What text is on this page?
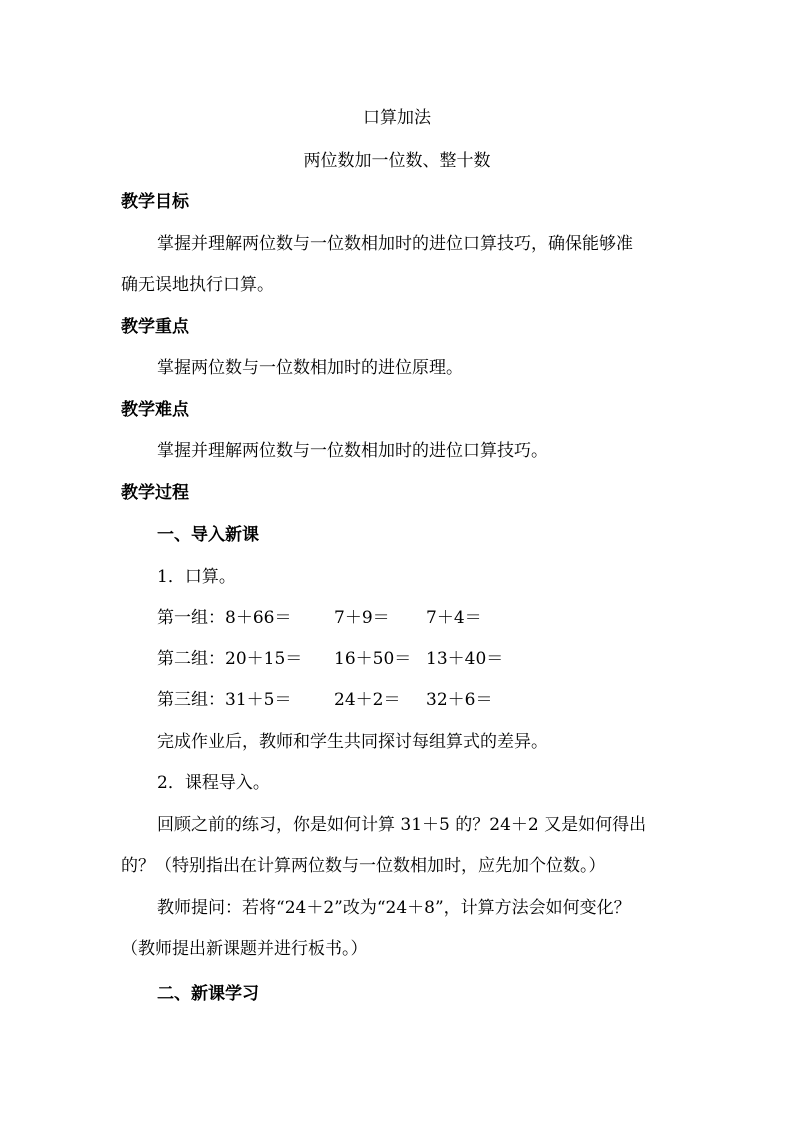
口算加法
两位数加一位数、整十数
教学目标
掌握并理解两位数与一位数相加时的进位口算技巧，确保能够准
确无误地执行口算。
教学重点
掌握两位数与一位数相加时的进位原理。
教学难点
掌握并理解两位数与一位数相加时的进位口算技巧。
教学过程
一、导入新课
1．口算。
第一组：8＋66＝	7＋9＝ 7＋4＝
第二组：20＋15＝ 16＋50＝ 13＋40＝
第三组：31＋5＝	24＋2＝ 32＋6＝
完成作业后，教师和学生共同探讨每组算式的差异。
2．课程导入。
回顾之前的练习，你是如何计算 31＋5 的？24＋2 又是如何得出
的？（特别指出在计算两位数与一位数相加时，应先加个位数。）
教师提问：若将“24＋2”改为“24＋8”，计算方法会如何变化？
（教师提出新课题并进行板书。）
二、新课学习
